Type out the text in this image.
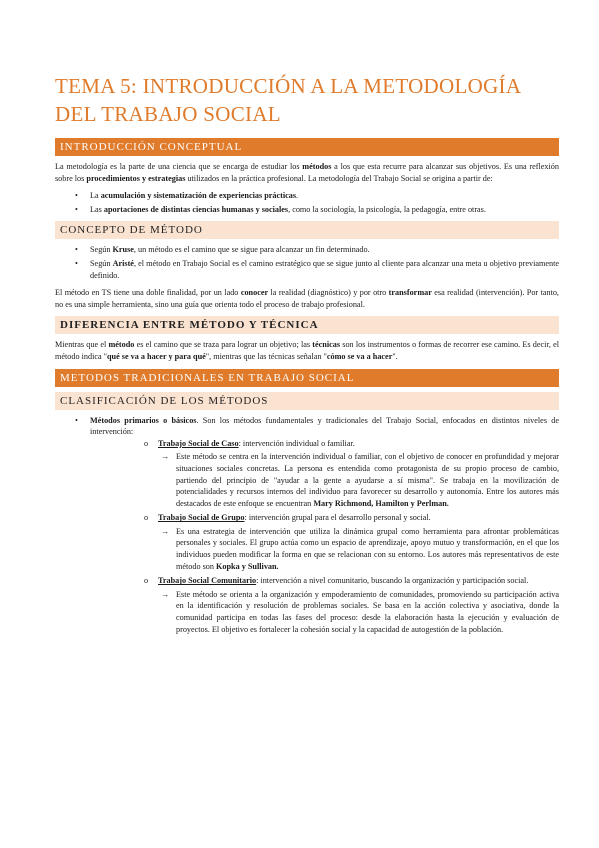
TEMA 5: INTRODUCCIÓN A LA METODOLOGÍA DEL TRABAJO SOCIAL
INTRODUCCIÓN CONCEPTUAL

La metodología es la parte de una ciencia que se encarga de estudiar los métodos a los que esta recurre para alcanzar sus objetivos. Es una reflexión sobre los procedimientos y estrategias utilizados en la práctica profesional. La metodología del Trabajo Social se origina a partir de:

• La acumulación y sistematización de experiencias prácticas.
• Las aportaciones de distintas ciencias humanas y sociales, como la sociología, la psicología, la pedagogía, entre otras.
CONCEPTO DE MÉTODO
• Según Kruse, un método es el camino que se sigue para alcanzar un fin determinado.
• Según Aristé, el método en Trabajo Social es el camino estratégico que se sigue junto al cliente para alcanzar una meta u objetivo previamente definido.

El método en TS tiene una doble finalidad, por un lado conocer la realidad (diagnóstico) y por otro transformar esa realidad (intervención). Por tanto, no es una simple herramienta, sino una guía que orienta todo el proceso de trabajo profesional.

DIFERENCIA ENTRE MÉTODO Y TÉCNICA

Mientras que el método es el camino que se traza para lograr un objetivo; las técnicas son los instrumentos o formas de recorrer ese camino. Es decir, el método indica "qué se va a hacer y para qué", mientras que las técnicas señalan "cómo se va a hacer".

METODOS TRADICIONALES EN TRABAJO SOCIAL
CLASIFICACIÓN DE LOS MÉTODOS
• Métodos primarios o básicos. Son los métodos fundamentales y tradicionales del Trabajo Social, enfocados en distintos niveles de intervención:
o Trabajo Social de Caso: intervención individual o familiar.
→ Este método se centra en la intervención individual o familiar, con el objetivo de conocer en profundidad y mejorar situaciones sociales concretas. La persona es entendida como protagonista de su propio proceso de cambio, partiendo del principio de "ayudar a la gente a ayudarse a sí misma". Se trabaja en la movilización de potencialidades y recursos internos del individuo para favorecer su desarrollo y autonomía. Entre los autores más destacados de este enfoque se encuentran Mary Richmond, Hamilton y Perlman.
o Trabajo Social de Grupo: intervención grupal para el desarrollo personal y social.
→ Es una estrategia de intervención que utiliza la dinámica grupal como herramienta para afrontar problemáticas personales y sociales. El grupo actúa como un espacio de aprendizaje, apoyo mutuo y transformación, en el que los individuos pueden modificar la forma en que se relacionan con su entorno. Los autores más representativos de este método son Kopka y Sullivan.
o Trabajo Social Comunitario: intervención a nivel comunitario, buscando la organización y participación social.
→ Este método se orienta a la organización y empoderamiento de comunidades, promoviendo su participación activa en la identificación y resolución de problemas sociales. Se basa en la acción colectiva y asociativa, donde la comunidad participa en todas las fases del proceso: desde la elaboración hasta la ejecución y evaluación de proyectos. El objetivo es fortalecer la cohesión social y la capacidad de autogestión de la población.
